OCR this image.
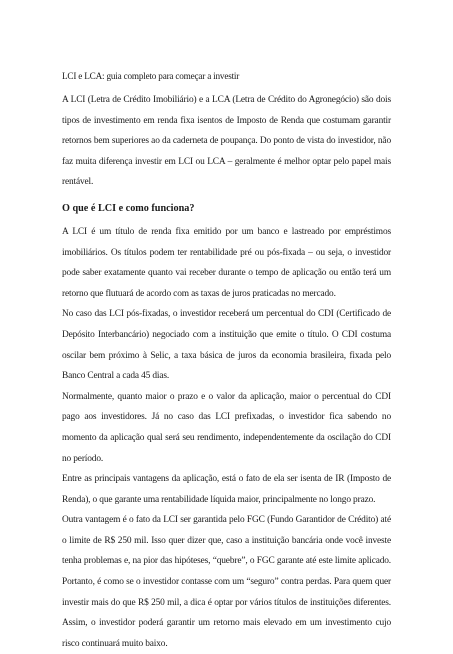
LCI e LCA: guia completo para começar a investir

A LCI (Letra de Crédito Imobiliário) e a LCA (Letra de Crédito do Agronegócio) são dois tipos de investimento em renda fixa isentos de Imposto de Renda que costumam garantir retornos bem superiores ao da caderneta de poupança. Do ponto de vista do investidor, não faz muita diferença investir em LCI ou LCA – geralmente é melhor optar pelo papel mais rentável.

O que é LCI e como funciona?

A LCI é um título de renda fixa emitido por um banco e lastreado por empréstimos imobiliários. Os títulos podem ter rentabilidade pré ou pós-fixada – ou seja, o investidor pode saber exatamente quanto vai receber durante o tempo de aplicação ou então terá um retorno que flutuará de acordo com as taxas de juros praticadas no mercado.

No caso das LCI pós-fixadas, o investidor receberá um percentual do CDI (Certificado de Depósito Interbancário) negociado com a instituição que emite o título. O CDI costuma oscilar bem próximo à Selic, a taxa básica de juros da economia brasileira, fixada pelo Banco Central a cada 45 dias.

Normalmente, quanto maior o prazo e o valor da aplicação, maior o percentual do CDI pago aos investidores. Já no caso das LCI prefixadas, o investidor fica sabendo no momento da aplicação qual será seu rendimento, independentemente da oscilação do CDI no período.

Entre as principais vantagens da aplicação, está o fato de ela ser isenta de IR (Imposto de Renda), o que garante uma rentabilidade líquida maior, principalmente no longo prazo.

Outra vantagem é o fato da LCI ser garantida pelo FGC (Fundo Garantidor de Crédito) até o limite de R$ 250 mil. Isso quer dizer que, caso a instituição bancária onde você investe tenha problemas e, na pior das hipóteses, “quebre”, o FGC garante até este limite aplicado. Portanto, é como se o investidor contasse com um “seguro” contra perdas. Para quem quer investir mais do que R$ 250 mil, a dica é optar por vários títulos de instituições diferentes. Assim, o investidor poderá garantir um retorno mais elevado em um investimento cujo risco continuará muito baixo.
